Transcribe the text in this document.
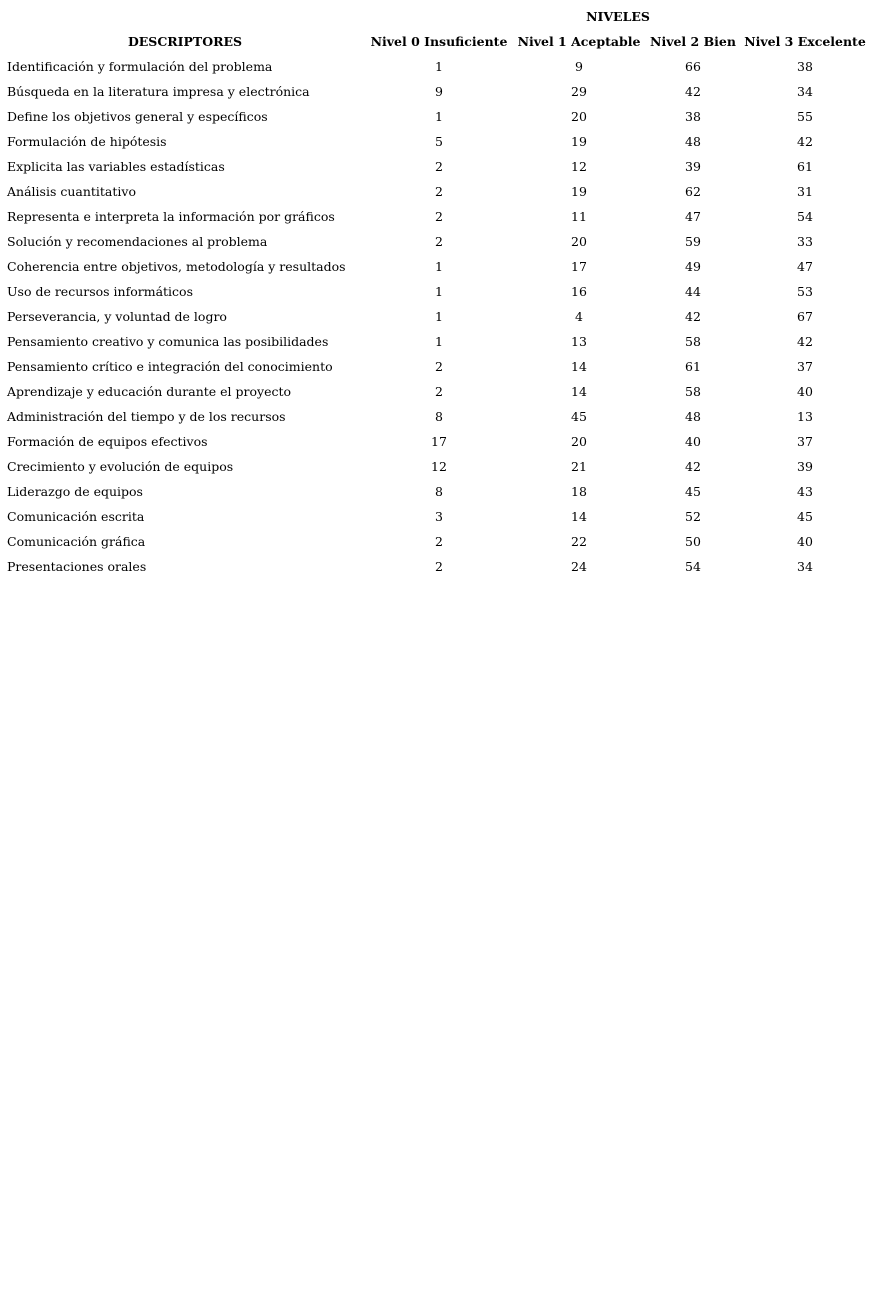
	NIVELES			
DESCRIPTORES	Nivel 0 Insuficiente	Nivel 1 Aceptable	Nivel 2 Bien	Nivel 3 Excelente
Identificación y formulación del problema	1	9	66	38
Búsqueda en la literatura impresa y electrónica	9	29	42	34
Define los objetivos general y específicos	1	20	38	55
Formulación de hipótesis	5	19	48	42
Explicita las variables estadísticas	2	12	39	61
Análisis cuantitativo	2	19	62	31
Representa e interpreta la información por gráficos	2	11	47	54
Solución y recomendaciones al problema	2	20	59	33
Coherencia entre objetivos, metodología y resultados	1	17	49	47
Uso de recursos informáticos	1	16	44	53
Perseverancia, y voluntad de logro	1	4	42	67
Pensamiento creativo y comunica las posibilidades	1	13	58	42
Pensamiento crítico e integración del conocimiento	2	14	61	37
Aprendizaje y educación durante el proyecto	2	14	58	40
Administración del tiempo y de los recursos	8	45	48	13
Formación de equipos efectivos	17	20	40	37
Crecimiento y evolución de equipos	12	21	42	39
Liderazgo de equipos	8	18	45	43
Comunicación escrita	3	14	52	45
Comunicación gráfica	2	22	50	40
Presentaciones orales	2	24	54	34
